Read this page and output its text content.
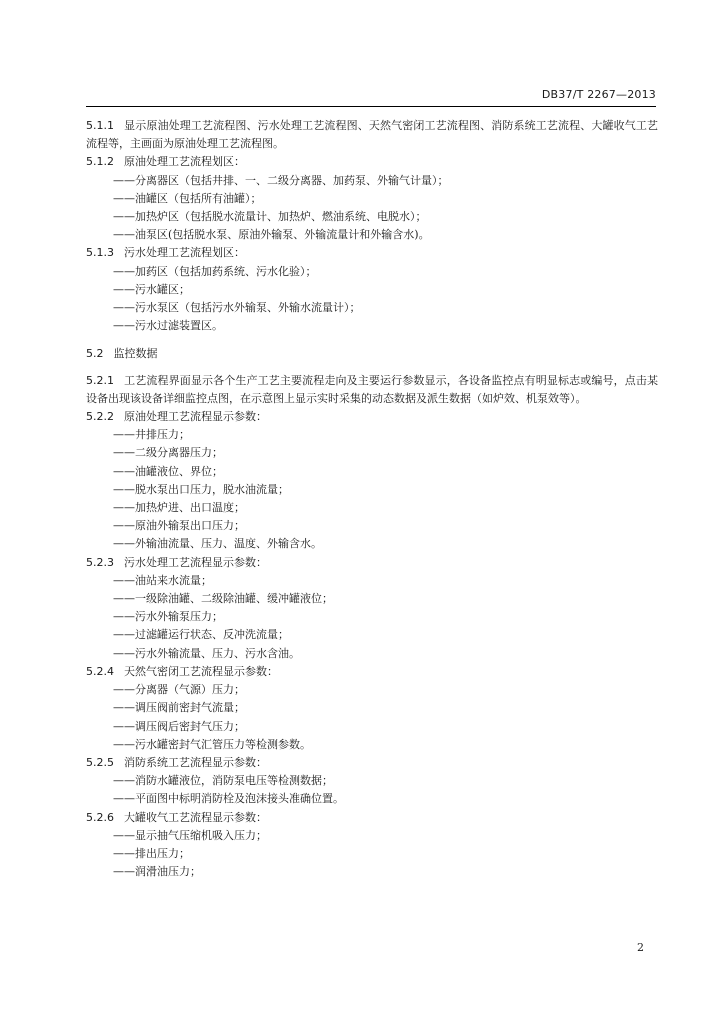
DB37/T 2267—2013

5.1.1 显示原油处理工艺流程图、污水处理工艺流程图、天然气密闭工艺流程图、消防系统工艺流程、大罐收气工艺流程等，主画面为原油处理工艺流程图。

5.1.2 原油处理工艺流程划区：

——分离器区（包括井排、一、二级分离器、加药泵、外输气计量）；

——油罐区（包括所有油罐）；

——加热炉区（包括脱水流量计、加热炉、燃油系统、电脱水）；

——油泵区(包括脱水泵、原油外输泵、外输流量计和外输含水)。

5.1.3 污水处理工艺流程划区：

——加药区（包括加药系统、污水化验）；

——污水罐区；

——污水泵区（包括污水外输泵、外输水流量计）；

——污水过滤装置区。

5.2 监控数据

5.2.1 工艺流程界面显示各个生产工艺主要流程走向及主要运行参数显示，各设备监控点有明显标志或编号，点击某设备出现该设备详细监控点图，在示意图上显示实时采集的动态数据及派生数据（如炉效、机泵效等）。

5.2.2 原油处理工艺流程显示参数：

——井排压力；

——二级分离器压力；

——油罐液位、界位；

——脱水泵出口压力，脱水油流量；

——加热炉进、出口温度；

——原油外输泵出口压力；

——外输油流量、压力、温度、外输含水。

5.2.3 污水处理工艺流程显示参数：

——油站来水流量；

——一级除油罐、二级除油罐、缓冲罐液位；

——污水外输泵压力；

——过滤罐运行状态、反冲洗流量；

——污水外输流量、压力、污水含油。

5.2.4 天然气密闭工艺流程显示参数：

——分离器（气源）压力；

——调压阀前密封气流量；

——调压阀后密封气压力；

——污水罐密封气汇管压力等检测参数。

5.2.5 消防系统工艺流程显示参数：

——消防水罐液位，消防泵电压等检测数据；

——平面图中标明消防栓及泡沫接头准确位置。

5.2.6 大罐收气工艺流程显示参数：

——显示抽气压缩机吸入压力；

——排出压力；

——润滑油压力；

2
